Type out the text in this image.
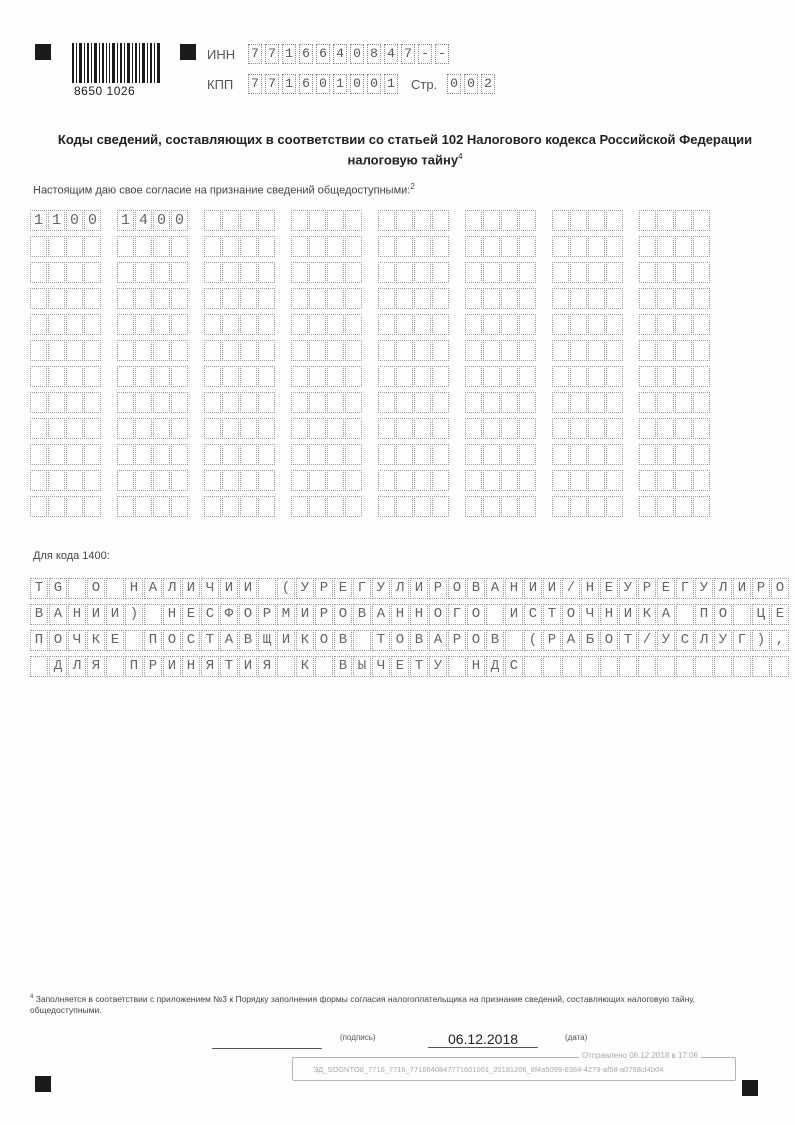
8650 1026
ИНН 7 7 1 6 6 4 0 8 4 7 - -
КПП 7 7 1 6 0 1 0 0 1 Стр. 0 0 2
Коды сведений, составляющих в соответствии со статьей 102 Налогового кодекса Российской Федерации
налоговую тайну$^4$
Настоящим даю свое согласие на признание сведений общедоступными:$^2$
1 1 0 0 1 4 0 0
Для кода 1400:
T G	О	Н А Л И Ч И И	( У Р Е Г У Л И Р О В А Н И И / Н Е У Р Е Г У Л И Р О
В А Н И И )	Н Е С Ф О Р М И Р О В А Н Н О Г О	И С Т О Ч Н И К А	П О	Ц Е
П О Ч К Е	П О С Т А В Щ И К О В	Т О В А Р О В	( Р А Б О Т / У С Л У Г ) ,
Д Л Я	П Р И Н Я Т И Я	К	В Ы Ч Е Т У	Н Д С
$^4$ Заполняется в соответствии с приложением №3 к Порядку заполнения формы согласия налогоплательщика на признание сведений, составляющих налоговую тайну, общедоступными.
(подпись)	06.12.2018	(дата)
Отправлено 06.12.2018 в 17:06
ЭД_SOGNTO8_7716_7716_771664084777160100​1_20181206_8f4a5099-6384-4279-af58-a0758cf4b04
